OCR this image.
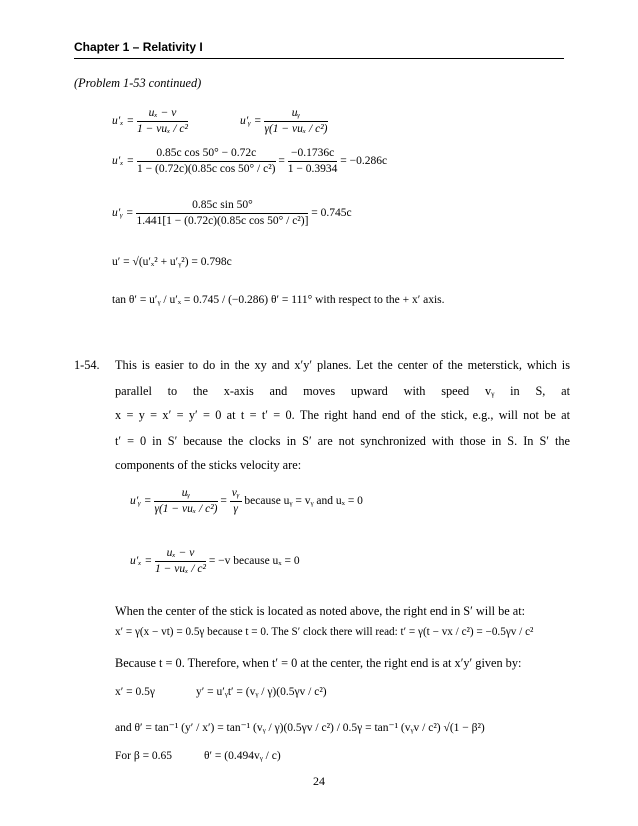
Chapter 1 – Relativity I
(Problem 1-53 continued)
u′ₓ =
uₓ − v
1 − vuₓ / c²
u′ᵧ =
uᵧ
γ(1 − vuₓ / c²)
$u'_x = \frac{\text{0.85c cos 50° − 0.72c}}{\text{1 − (0.72c)(0.85c cos 50° / c²)}} = \frac{-0.1736c}{1 - 0.3934} = -0.286c$
u′ᵧ = $\frac{\text{0.85c sin 50°}}{\text{1.441[1 − (0.72c)(0.85c cos 50° / c²)]}} = 0.745c$
u′ = √(u′ₓ² + u′ᵧ²) = 0.798c
tan θ′ = u′ᵧ / u′ₓ = 0.745 / (−0.286) θ′ = 111° with respect to the + x′ axis.
1-54. This is easier to do in the xy and x′y′ planes. Let the center of the meterstick, which is
parallel to the x-axis and moves upward with speed vᵧ in S, at
x = y = x′ = y′ = 0 at t = t′ = 0. The right hand end of the stick, e.g., will not be at
t′ = 0 in S′ because the clocks in S′ are not synchronized with those in S. In S′ the
components of the sticks velocity are:
u′ᵧ =
uᵧ
γ(1 − vuₓ / c²)
= $\frac{\text{vᵧ}}{\gamma}$ because uᵧ = vᵧ and uₓ = 0
u′ₓ =
uₓ − v
1 − vuₓ / c²
= −v because uₓ = 0
When the center of the stick is located as noted above, the right end in S′ will be at:
x′ = γ(x − vt) = 0.5γ because t = 0. The S′ clock there will read: t′ = γ(t − vx / c²) = −0.5γv / c²
Because t = 0. Therefore, when t′ = 0 at the center, the right end is at x′y′ given by:
x′ = 0.5γ	y′ = u′ᵧt′ = (vᵧ / γ)(0.5γv / c²)
and θ′ = tan⁻¹ (y′ / x′) = tan⁻¹ (vᵧ / γ)(0.5γv / c²) / 0.5γ = tan⁻¹ (vᵧv / c²) √(1 − β²)
For β = 0.65	θ′ = (0.494vᵧ / c)
24
